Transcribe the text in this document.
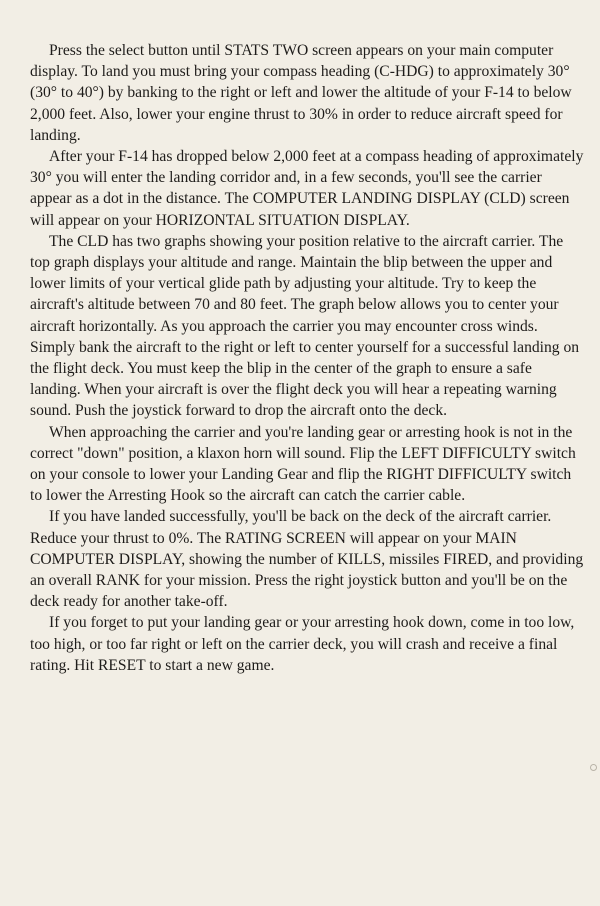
Press the select button until STATS TWO screen appears on your main computer display. To land you must bring your compass heading (C-HDG) to approximately 30° (30° to 40°) by banking to the right or left and lower the altitude of your F-14 to below 2,000 feet. Also, lower your engine thrust to 30% in order to reduce aircraft speed for landing.

After your F-14 has dropped below 2,000 feet at a compass heading of approximately 30° you will enter the landing corridor and, in a few seconds, you'll see the carrier appear as a dot in the distance. The COMPUTER LANDING DISPLAY (CLD) screen will appear on your HORIZONTAL SITUATION DISPLAY.

The CLD has two graphs showing your position relative to the aircraft carrier. The top graph displays your altitude and range. Maintain the blip between the upper and lower limits of your vertical glide path by adjusting your altitude. Try to keep the aircraft's altitude between 70 and 80 feet. The graph below allows you to center your aircraft horizontally. As you approach the carrier you may encounter cross winds. Simply bank the aircraft to the right or left to center yourself for a successful landing on the flight deck. You must keep the blip in the center of the graph to ensure a safe landing. When your aircraft is over the flight deck you will hear a repeating warning sound. Push the joystick forward to drop the aircraft onto the deck.

When approaching the carrier and you're landing gear or arresting hook is not in the correct "down" position, a klaxon horn will sound. Flip the LEFT DIFFICULTY switch on your console to lower your Landing Gear and flip the RIGHT DIFFICULTY switch to lower the Arresting Hook so the aircraft can catch the carrier cable.

If you have landed successfully, you'll be back on the deck of the aircraft carrier. Reduce your thrust to 0%. The RATING SCREEN will appear on your MAIN COMPUTER DISPLAY, showing the number of KILLS, missiles FIRED, and providing an overall RANK for your mission. Press the right joystick button and you'll be on the deck ready for another take-off.

If you forget to put your landing gear or your arresting hook down, come in too low, too high, or too far right or left on the carrier deck, you will crash and receive a final rating. Hit RESET to start a new game.
